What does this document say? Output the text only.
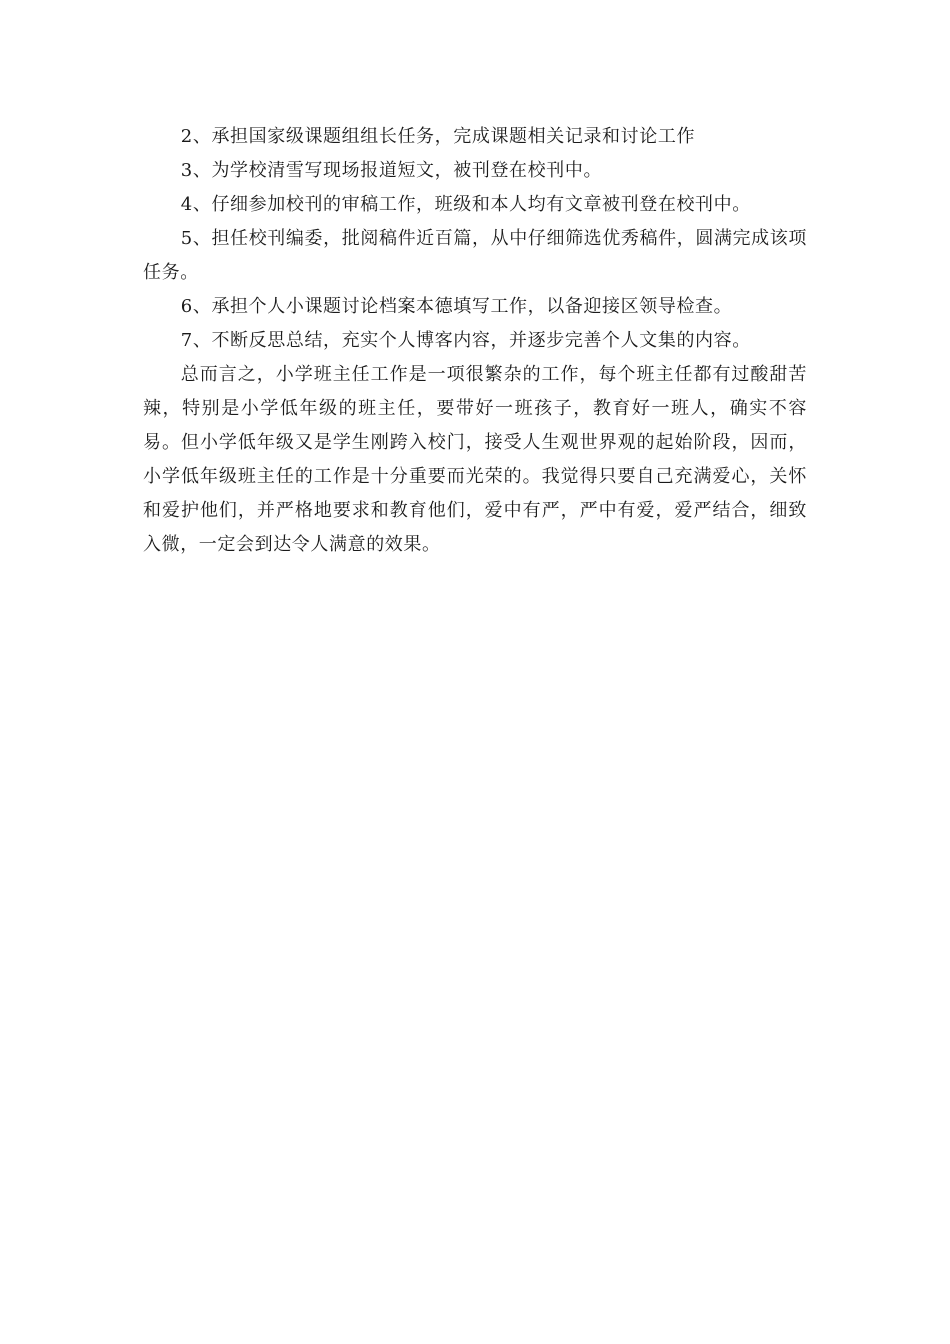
2、承担国家级课题组组长任务，完成课题相关记录和讨论工作

3、为学校清雪写现场报道短文，被刊登在校刊中。

4、仔细参加校刊的审稿工作，班级和本人均有文章被刊登在校刊中。

5、担任校刊编委，批阅稿件近百篇，从中仔细筛选优秀稿件，圆满完成该项任务。

6、承担个人小课题讨论档案本德填写工作，以备迎接区领导检查。

7、不断反思总结，充实个人博客内容，并逐步完善个人文集的内容。

总而言之，小学班主任工作是一项很繁杂的工作，每个班主任都有过酸甜苦辣，特别是小学低年级的班主任，要带好一班孩子，教育好一班人，确实不容易。但小学低年级又是学生刚跨入校门，接受人生观世界观的起始阶段，因而，小学低年级班主任的工作是十分重要而光荣的。我觉得只要自己充满爱心，关怀和爱护他们，并严格地要求和教育他们，爱中有严，严中有爱，爱严结合，细致入微，一定会到达令人满意的效果。
